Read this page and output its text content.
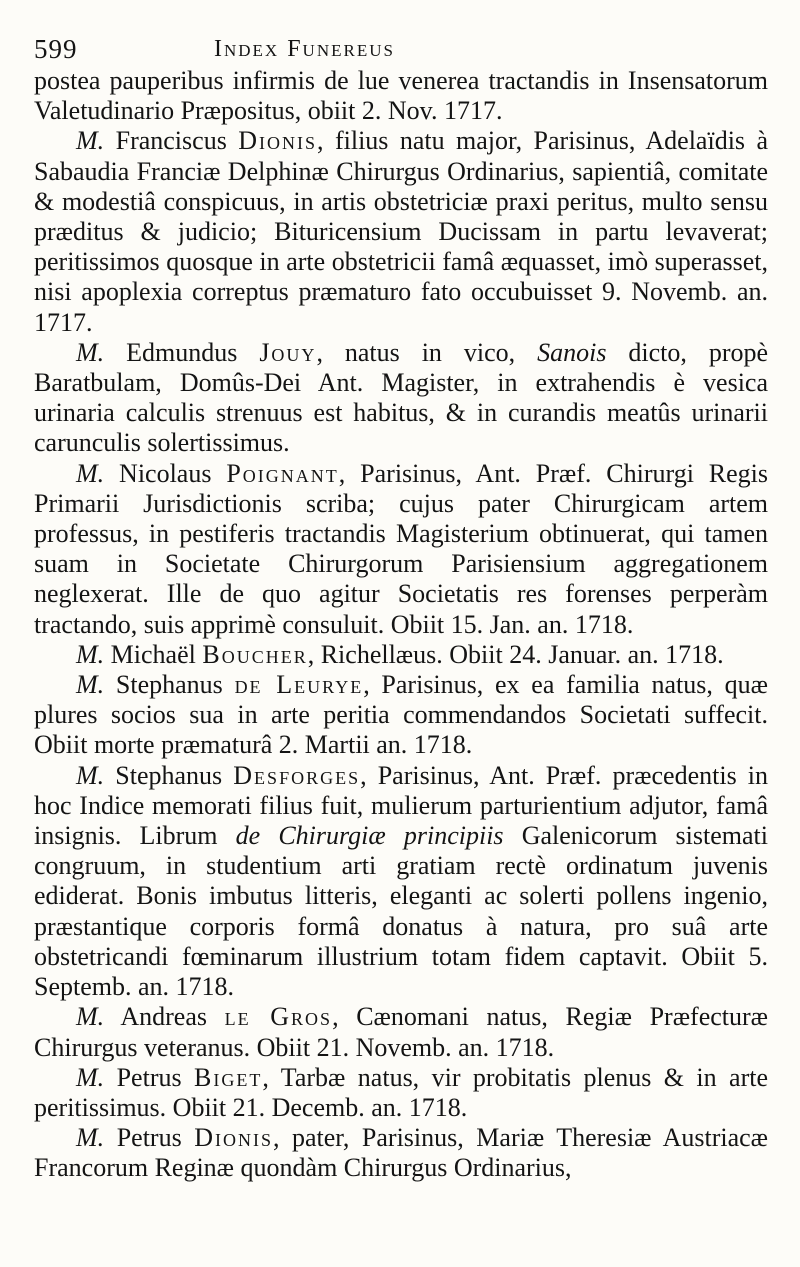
599	Index Funereus

postea pauperibus infirmis de lue venerea tractandis in Insensatorum Valetudinario Præpositus, obiit 2. Nov. 1717.

M. Franciscus Dionis, filius natu major, Parisinus, Adelaïdis à Sabaudia Franciæ Delphinæ Chirurgus Ordinarius, sapientiâ, comitate & modestiâ conspicuus, in artis obstetriciæ praxi peritus, multo sensu præditus & judicio; Bituricensium Ducissam in partu levaverat; peritissimos quosque in arte obstetricii famâ æquasset, imò superasset, nisi apoplexia correptus præmaturo fato occubuisset 9. Novemb. an. 1717.

M. Edmundus Jouy, natus in vico, Sanois dicto, propè Baratbulam, Domûs-Dei Ant. Magister, in extrahendis è vesica urinaria calculis strenuus est habitus, & in curandis meatûs urinarii carunculis solertissimus.

M. Nicolaus Poignant, Parisinus, Ant. Præf. Chirurgi Regis Primarii Jurisdictionis scriba; cujus pater Chirurgicam artem professus, in pestiferis tractandis Magisterium obtinuerat, qui tamen suam in Societate Chirurgorum Parisiensium aggregationem neglexerat. Ille de quo agitur Societatis res forenses perperàm tractando, suis apprimè consuluit. Obiit 15. Jan. an. 1718.

M. Michaël Boucher, Richellæus. Obiit 24. Januar. an. 1718.

M. Stephanus de Leurye, Parisinus, ex ea familia natus, quæ plures socios sua in arte peritia commendandos Societati suffecit. Obiit morte præmaturâ 2. Martii an. 1718.

M. Stephanus Desforges, Parisinus, Ant. Præf. præcedentis in hoc Indice memorati filius fuit, mulierum parturientium adjutor, famâ insignis. Librum de Chirurgiæ principiis Galenicorum sistemati congruum, in studentium arti gratiam rectè ordinatum juvenis ediderat. Bonis imbutus litteris, eleganti ac solerti pollens ingenio, præstantique corporis formâ donatus à natura, pro suâ arte obstetricandi fœminarum illustrium totam fidem captavit. Obiit 5. Septemb. an. 1718.

M. Andreas le Gros, Cænomani natus, Regiæ Præfecturæ Chirurgus veteranus. Obiit 21. Novemb. an. 1718.

M. Petrus Biget, Tarbæ natus, vir probitatis plenus & in arte peritissimus. Obiit 21. Decemb. an. 1718.

M. Petrus Dionis, pater, Parisinus, Mariæ Theresiæ Austriacæ Francorum Reginæ quondàm Chirurgus Ordinarius,
